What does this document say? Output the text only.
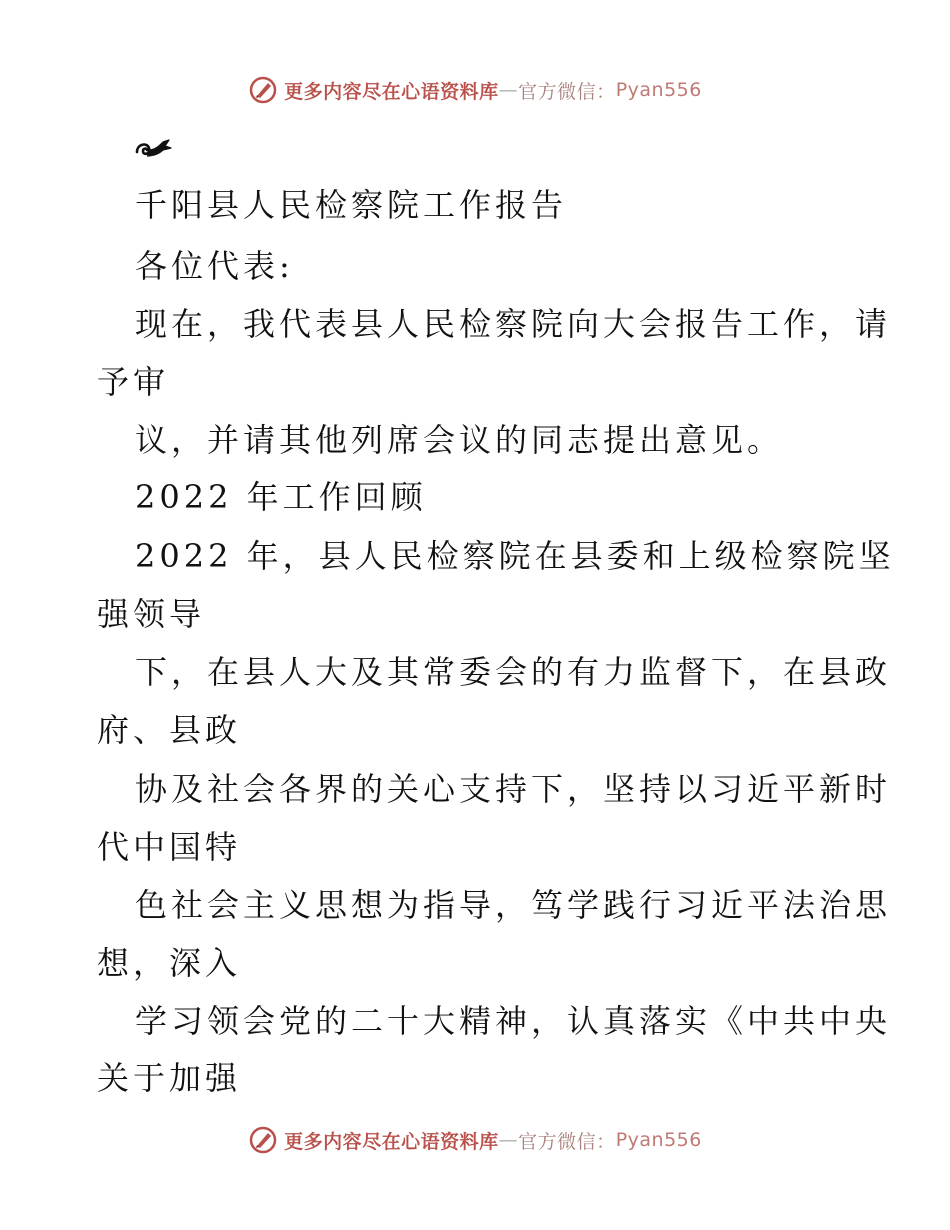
更多内容尽在心语资料库 — 官方微信： Pyan556
千阳县人民检察院工作报告
各位代表:
现在，我代表县人民检察院向大会报告工作，请
予审
议，并请其他列席会议的同志提出意见。
2022 年工作回顾
2022 年，县人民检察院在县委和上级检察院坚
强领导
下，在县人大及其常委会的有力监督下，在县政
府、县政
协及社会各界的关心支持下，坚持以习近平新时
代中国特
色社会主义思想为指导，笃学践行习近平法治思
想，深入
学习领会党的二十大精神，认真落实《中共中央
关于加强
更多内容尽在心语资料库 — 官方微信： Pyan556
